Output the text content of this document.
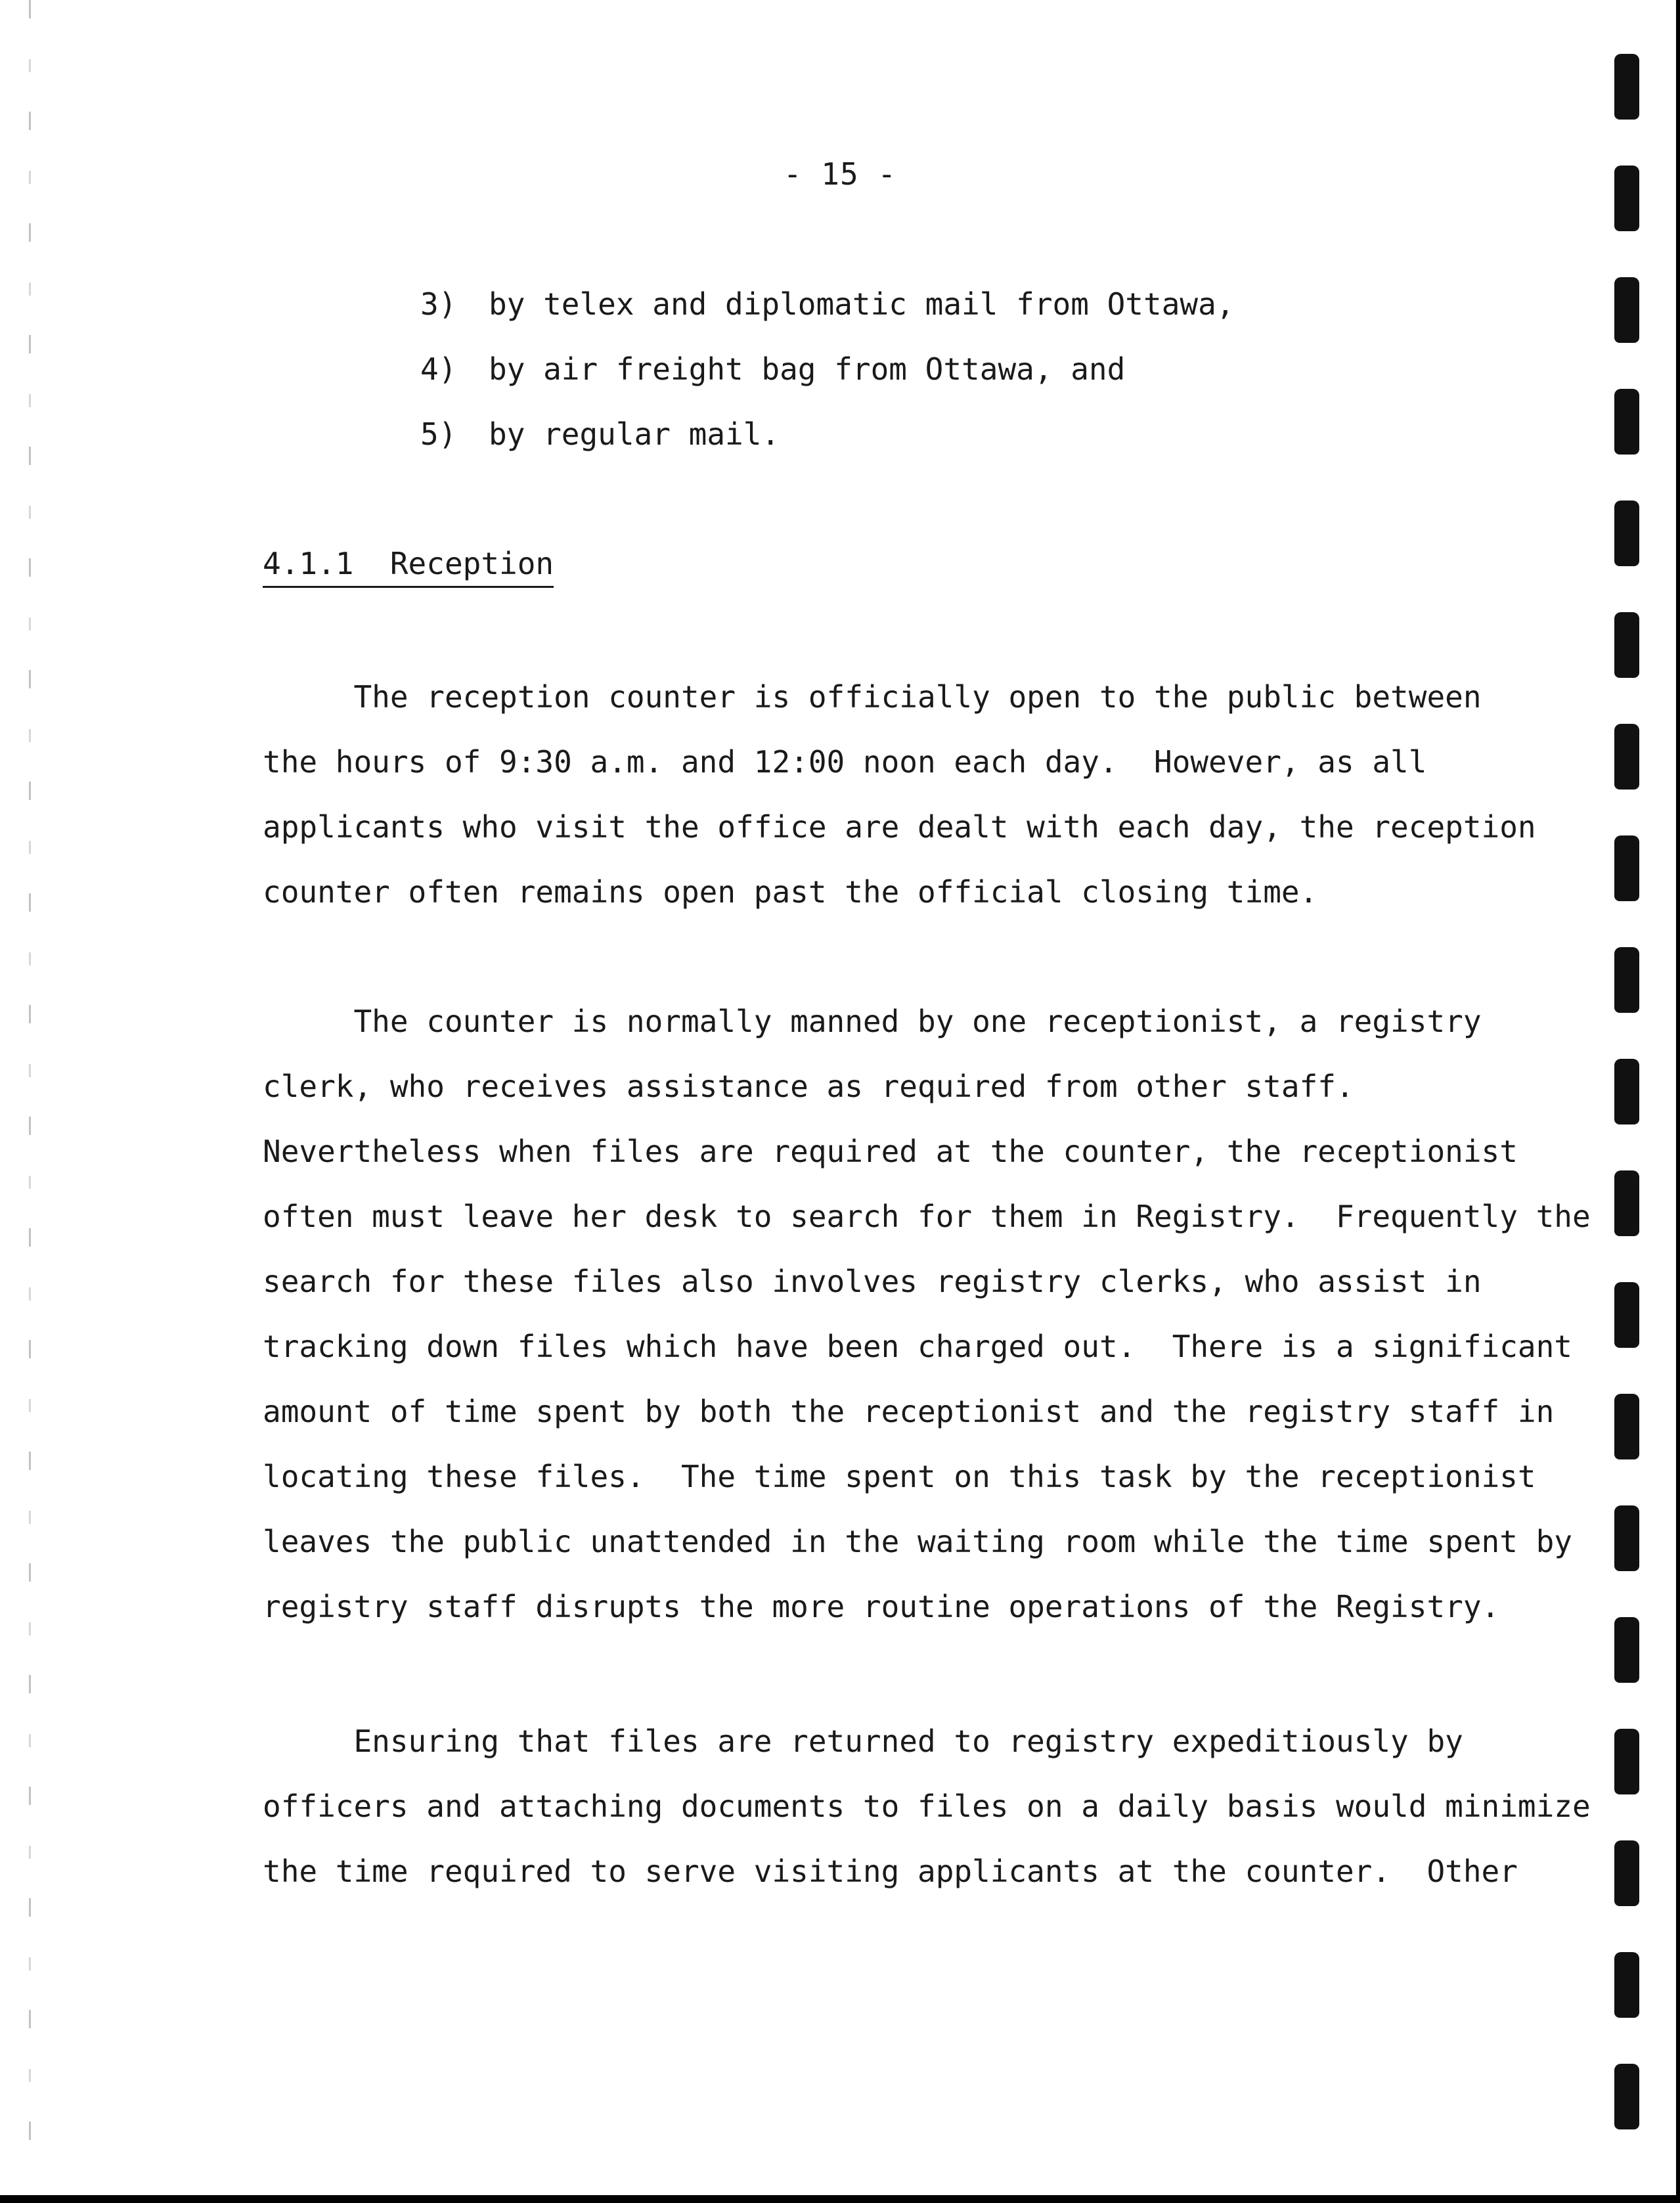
- 15 -
3)	by telex and diplomatic mail from Ottawa,
4)	by air freight bag from Ottawa, and
5)	by regular mail.
4.1.1  Reception
The reception counter is officially open to the public between
the hours of 9:30 a.m. and 12:00 noon each day.  However, as all
applicants who visit the office are dealt with each day, the reception
counter often remains open past the official closing time.
The counter is normally manned by one receptionist, a registry
clerk, who receives assistance as required from other staff.
Nevertheless when files are required at the counter, the receptionist
often must leave her desk to search for them in Registry.  Frequently the
search for these files also involves registry clerks, who assist in
tracking down files which have been charged out.  There is a significant
amount of time spent by both the receptionist and the registry staff in
locating these files.  The time spent on this task by the receptionist
leaves the public unattended in the waiting room while the time spent by
registry staff disrupts the more routine operations of the Registry.
Ensuring that files are returned to registry expeditiously by
officers and attaching documents to files on a daily basis would minimize
the time required to serve visiting applicants at the counter.  Other
